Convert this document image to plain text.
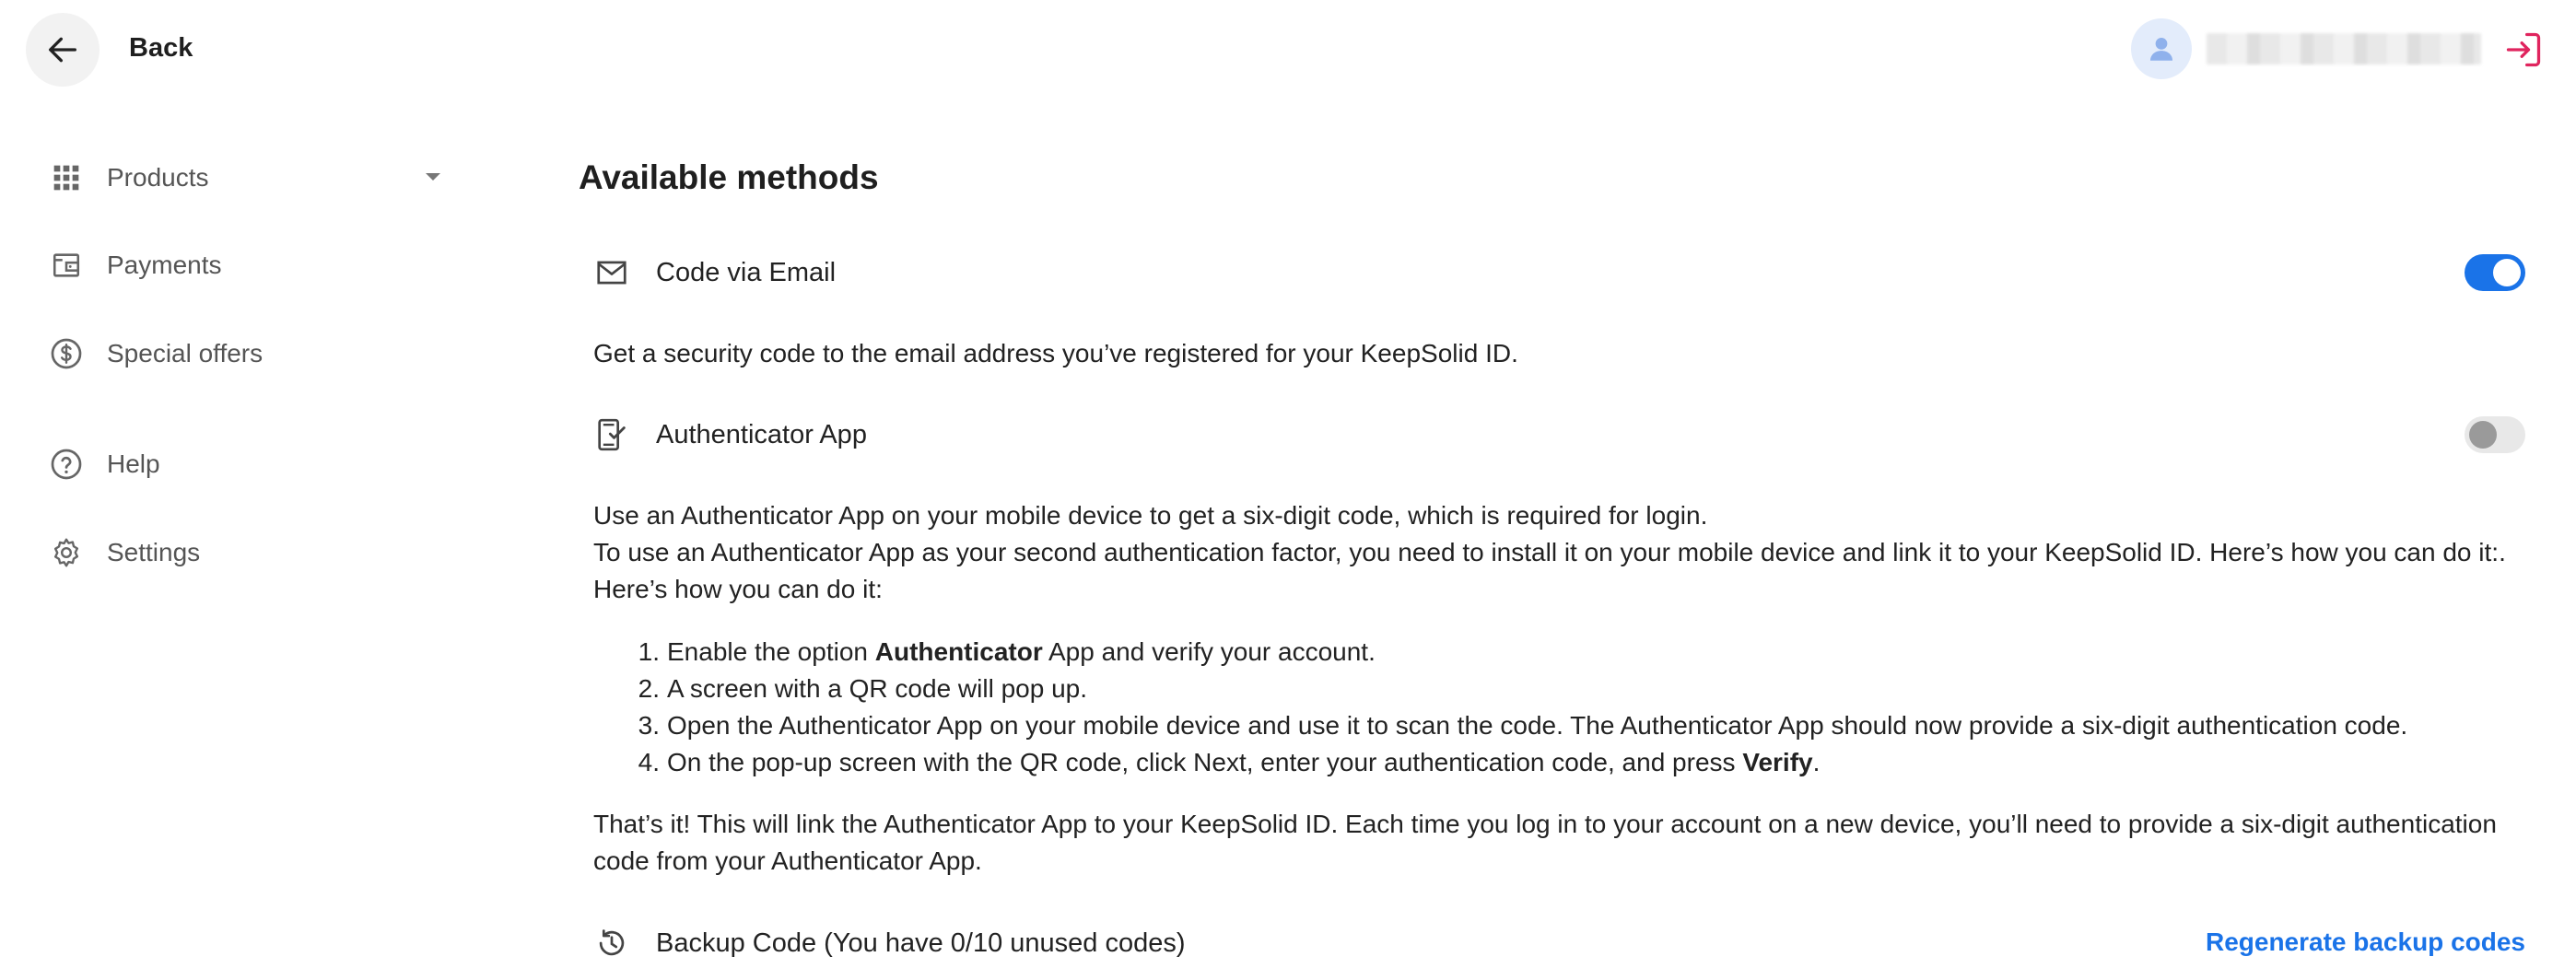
Back
Products
Payments
Special offers
Help
Settings
Available methods
Code via Email
Get a security code to the email address you’ve registered for your KeepSolid ID.
Authenticator App
Use an Authenticator App on your mobile device to get a six-digit code, which is required for login.
To use an Authenticator App as your second authentication factor, you need to install it on your mobile device and link it to your KeepSolid ID. Here’s how you can do it:.
Here’s how you can do it:
1. Enable the option Authenticator App and verify your account.
2. A screen with a QR code will pop up.
3. Open the Authenticator App on your mobile device and use it to scan the code. The Authenticator App should now provide a six-digit authentication code.
4. On the pop-up screen with the QR code, click Next, enter your authentication code, and press Verify.
That’s it! This will link the Authenticator App to your KeepSolid ID. Each time you log in to your account on a new device, you’ll need to provide a six-digit authentication
code from your Authenticator App.
Backup Code (You have 0/10 unused codes)	Regenerate backup codes
